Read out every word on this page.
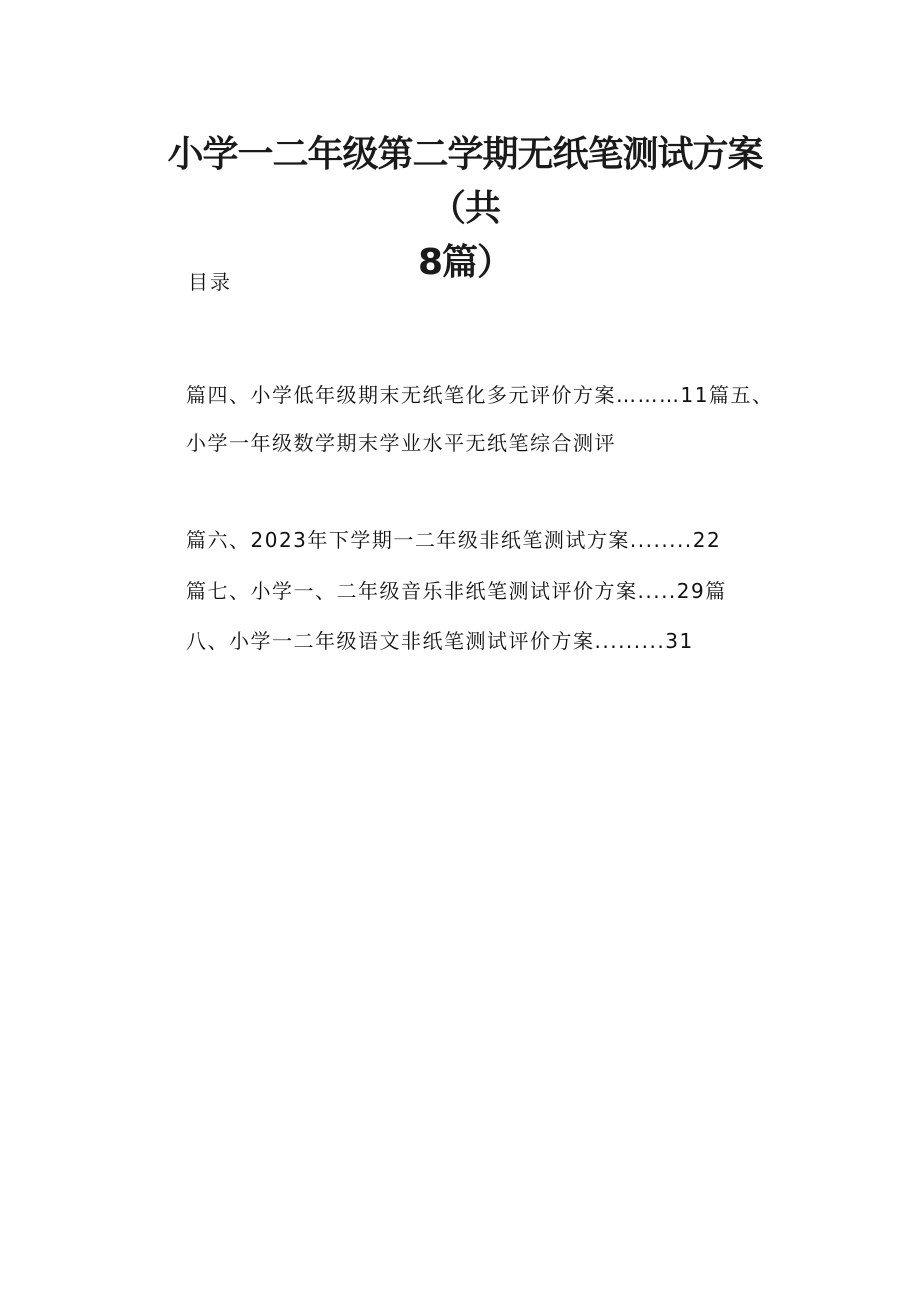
小学一二年级第二学期无纸笔测试方案（共
8篇）

目录

篇四、小学低年级期末无纸笔化多元评价方案………11篇五、

小学一年级数学期末学业水平无纸笔综合测评

篇六、2023年下学期一二年级非纸笔测试方案........22

篇七、小学一、二年级音乐非纸笔测试评价方案.....29篇

八、小学一二年级语文非纸笔测试评价方案.........31
